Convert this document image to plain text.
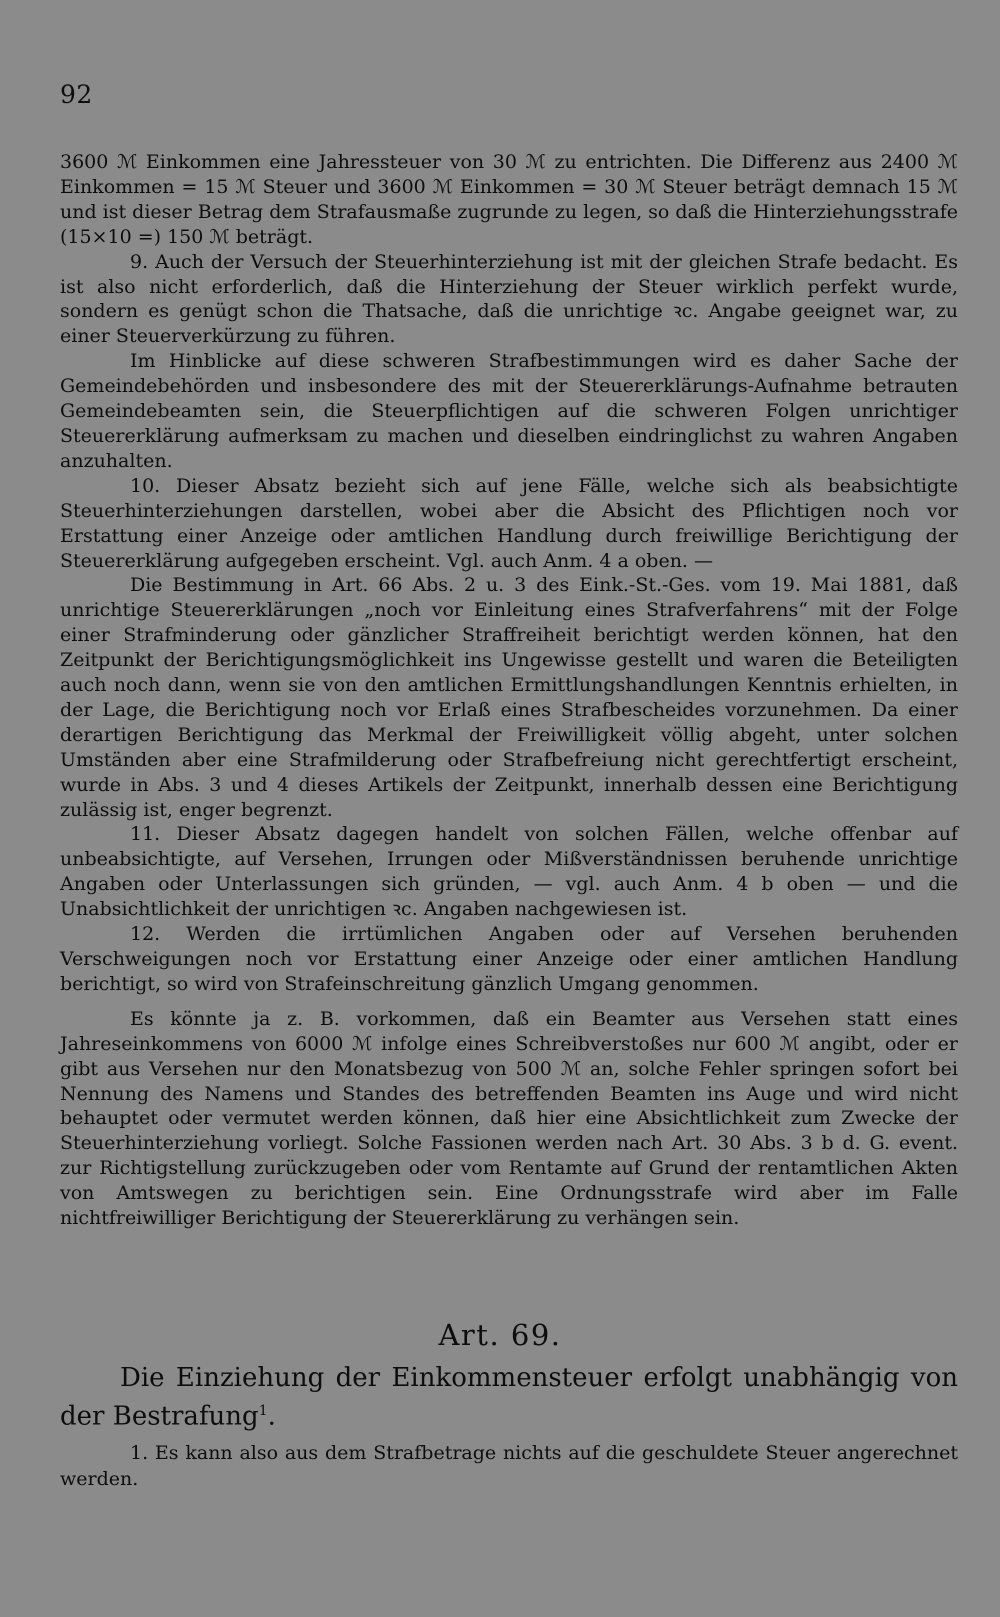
92

3600 ℳ Einkommen eine Jahressteuer von 30 ℳ zu entrichten. Die Differenz aus 2400 ℳ Einkommen = 15 ℳ Steuer und 3600 ℳ Einkommen = 30 ℳ Steuer beträgt demnach 15 ℳ und ist dieser Betrag dem Strafausmaße zugrunde zu legen, so daß die Hinterziehungsstrafe (15×10 =) 150 ℳ beträgt.

9. Auch der Versuch der Steuerhinterziehung ist mit der gleichen Strafe bedacht. Es ist also nicht erforderlich, daß die Hinterziehung der Steuer wirklich perfekt wurde, sondern es genügt schon die Thatsache, daß die unrichtige ꝛc. Angabe geeignet war, zu einer Steuerverkürzung zu führen.

Im Hinblicke auf diese schweren Strafbestimmungen wird es daher Sache der Gemeindebehörden und insbesondere des mit der Steuererklärungs-Aufnahme betrauten Gemeindebeamten sein, die Steuerpflichtigen auf die schweren Folgen unrichtiger Steuererklärung aufmerksam zu machen und dieselben eindringlichst zu wahren Angaben anzuhalten.

10. Dieser Absatz bezieht sich auf jene Fälle, welche sich als beabsichtigte Steuerhinterziehungen darstellen, wobei aber die Absicht des Pflichtigen noch vor Erstattung einer Anzeige oder amtlichen Handlung durch freiwillige Berichtigung der Steuererklärung aufgegeben erscheint. Vgl. auch Anm. 4 a oben. —

Die Bestimmung in Art. 66 Abs. 2 u. 3 des Eink.-St.-Ges. vom 19. Mai 1881, daß unrichtige Steuererklärungen „noch vor Einleitung eines Strafverfahrens“ mit der Folge einer Strafminderung oder gänzlicher Straffreiheit berichtigt werden können, hat den Zeitpunkt der Berichtigungsmöglichkeit ins Ungewisse gestellt und waren die Beteiligten auch noch dann, wenn sie von den amtlichen Ermittlungshandlungen Kenntnis erhielten, in der Lage, die Berichtigung noch vor Erlaß eines Strafbescheides vorzunehmen. Da einer derartigen Berichtigung das Merkmal der Freiwilligkeit völlig abgeht, unter solchen Umständen aber eine Strafmilderung oder Strafbefreiung nicht gerechtfertigt erscheint, wurde in Abs. 3 und 4 dieses Artikels der Zeitpunkt, innerhalb dessen eine Berichtigung zulässig ist, enger begrenzt.

11. Dieser Absatz dagegen handelt von solchen Fällen, welche offenbar auf unbeabsichtigte, auf Versehen, Irrungen oder Mißverständnissen beruhende unrichtige Angaben oder Unterlassungen sich gründen, — vgl. auch Anm. 4 b oben — und die Unabsichtlichkeit der unrichtigen ꝛc. Angaben nachgewiesen ist.

12. Werden die irrtümlichen Angaben oder auf Versehen beruhenden Verschweigungen noch vor Erstattung einer Anzeige oder einer amtlichen Handlung berichtigt, so wird von Strafeinschreitung gänzlich Umgang genommen.

Es könnte ja z. B. vorkommen, daß ein Beamter aus Versehen statt eines Jahreseinkommens von 6000 ℳ infolge eines Schreibverstoßes nur 600 ℳ angibt, oder er gibt aus Versehen nur den Monatsbezug von 500 ℳ an, solche Fehler springen sofort bei Nennung des Namens und Standes des betreffenden Beamten ins Auge und wird nicht behauptet oder vermutet werden können, daß hier eine Absichtlichkeit zum Zwecke der Steuerhinterziehung vorliegt. Solche Fassionen werden nach Art. 30 Abs. 3 b d. G. event. zur Richtigstellung zurückzugeben oder vom Rentamte auf Grund der rentamtlichen Akten von Amtswegen zu berichtigen sein. Eine Ordnungsstrafe wird aber im Falle nichtfreiwilliger Berichtigung der Steuererklärung zu verhängen sein.

Art. 69.
Die Einziehung der Einkommensteuer erfolgt unabhängig von der Bestrafung$^1$.
1. Es kann also aus dem Strafbetrage nichts auf die geschuldete Steuer angerechnet werden.
